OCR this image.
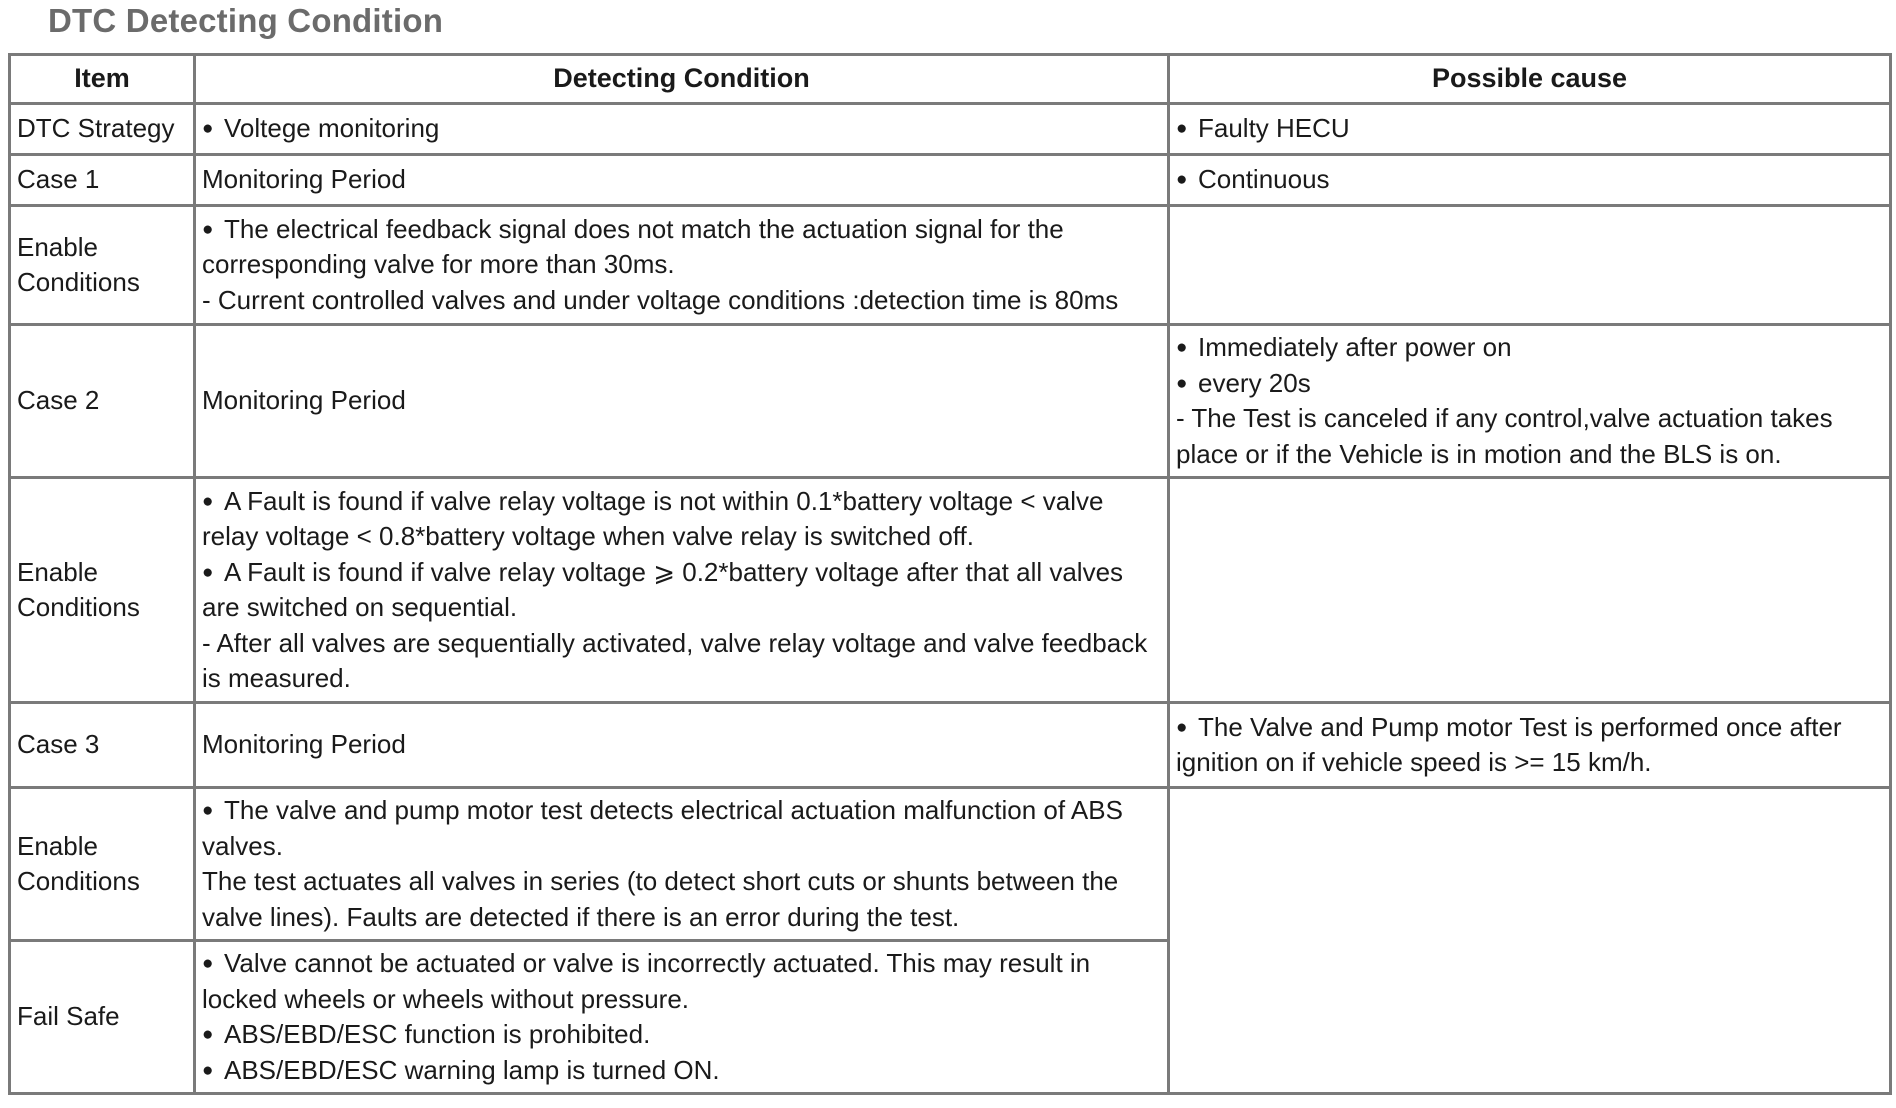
DTC Detecting Condition
Item	Detecting Condition	Possible cause
DTC Strategy	● Voltege monitoring	● Faulty HECU

Case 1	Monitoring Period	● Continuous

Enable Conditions	● The electrical feedback signal does not match the actuation signal for the corresponding valve for more than 30ms.
- Current controlled valves and under voltage conditions :detection time is 80ms

Case 2	Monitoring Period	● Immediately after power on
● every 20s
- The Test is canceled if any control,valve actuation takes place or if the Vehicle is in motion and the BLS is on.

Enable Conditions	● A Fault is found if valve relay voltage is not within 0.1*battery voltage < valve relay voltage < 0.8*battery voltage when valve relay is switched off.
● A Fault is found if valve relay voltage ⩾ 0.2*battery voltage after that all valves are switched on sequential.
- After all valves are sequentially activated, valve relay voltage and valve feedback is measured.

Case 3	Monitoring Period	● The Valve and Pump motor Test is performed once after ignition on if vehicle speed is >= 15 km/h.

Enable Conditions	● The valve and pump motor test detects electrical actuation malfunction of ABS valves.
The test actuates all valves in series (to detect short cuts or shunts between the valve lines). Faults are detected if there is an error during the test.

Fail Safe	● Valve cannot be actuated or valve is incorrectly actuated. This may result in locked wheels or wheels without pressure.
● ABS/EBD/ESC function is prohibited.
● ABS/EBD/ESC warning lamp is turned ON.
